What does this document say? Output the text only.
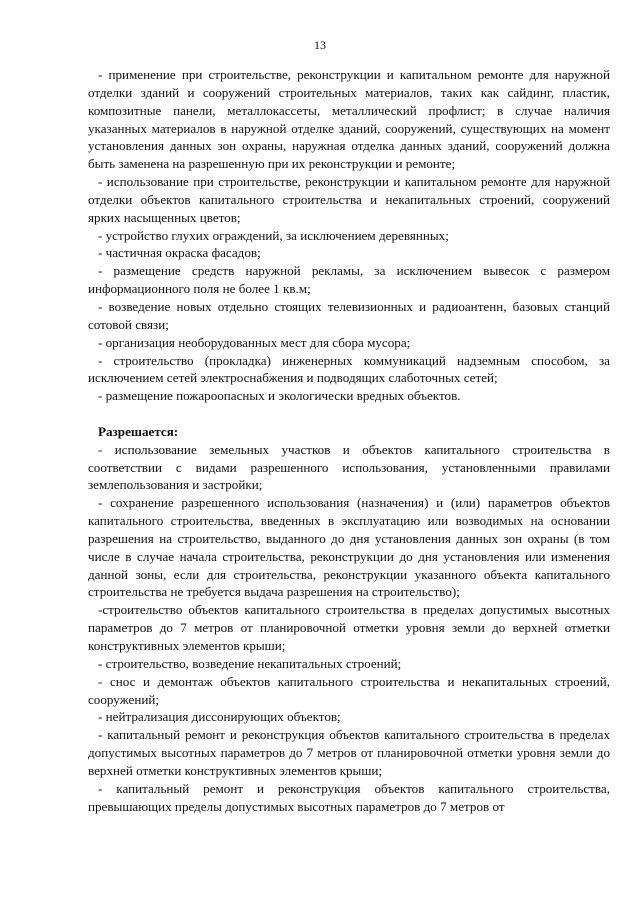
13

- применение при строительстве, реконструкции и капитальном ремонте для наружной отделки зданий и сооружений строительных материалов, таких как сайдинг, пластик, композитные панели, металлокассеты, металлический профлист; в случае наличия указанных материалов в наружной отделке зданий, сооружений, существующих на момент установления данных зон охраны, наружная отделка данных зданий, сооружений должна быть заменена на разрешенную при их реконструкции и ремонте;

- использование при строительстве, реконструкции и капитальном ремонте для наружной отделки объектов капитального строительства и некапитальных строений, сооружений ярких насыщенных цветов;

- устройство глухих ограждений, за исключением деревянных;

- частичная окраска фасадов;

- размещение средств наружной рекламы, за исключением вывесок с размером информационного поля не более 1 кв.м;

- возведение новых отдельно стоящих телевизионных и радиоантенн, базовых станций сотовой связи;

- организация необорудованных мест для сбора мусора;

- строительство (прокладка) инженерных коммуникаций надземным способом, за исключением сетей электроснабжения и подводящих слаботочных сетей;

- размещение пожароопасных и экологически вредных объектов.

Разрешается:

- использование земельных участков и объектов капитального строительства в соответствии с видами разрешенного использования, установленными правилами землепользования и застройки;

- сохранение разрешенного использования (назначения) и (или) параметров объектов капитального строительства, введенных в эксплуатацию или возводимых на основании разрешения на строительство, выданного до дня установления данных зон охраны (в том числе в случае начала строительства, реконструкции до дня установления или изменения данной зоны, если для строительства, реконструкции указанного объекта капитального строительства не требуется выдача разрешения на строительство);

-строительство объектов капитального строительства в пределах допустимых высотных параметров до 7 метров от планировочной отметки уровня земли до верхней отметки конструктивных элементов крыши;

- строительство, возведение некапитальных строений;

- снос и демонтаж объектов капитального строительства и некапитальных строений, сооружений;

- нейтрализация диссонирующих объектов;

- капитальный ремонт и реконструкция объектов капитального строительства в пределах допустимых высотных параметров до 7 метров от планировочной отметки уровня земли до верхней отметки конструктивных элементов крыши;

- капитальный ремонт и реконструкция объектов капитального строительства, превышающих пределы допустимых высотных параметров до 7 метров от
